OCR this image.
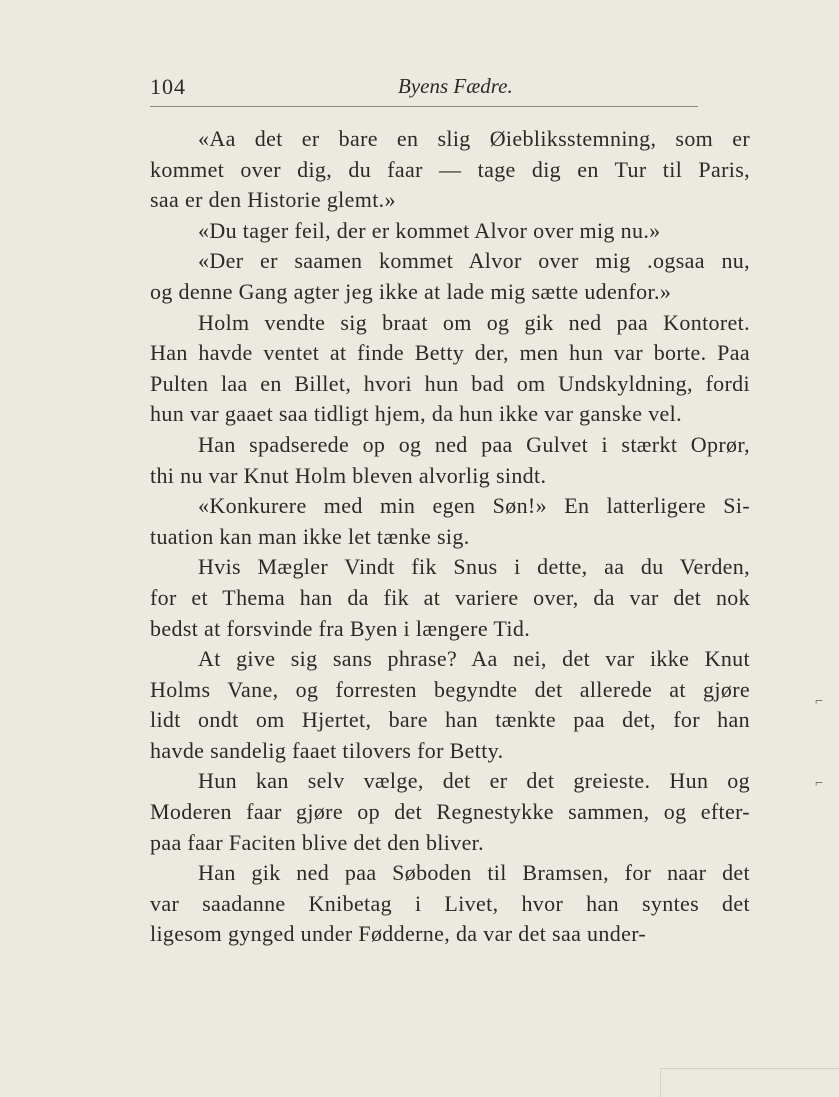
104	Byens Fædre.

«Aa det er bare en slig Øiebliksstemning, som er
kommet over dig, du faar — tage dig en Tur til Paris,
saa er den Historie glemt.»

«Du tager feil, der er kommet Alvor over mig nu.»

«Der er saamen kommet Alvor over mig .ogsaa nu,
og denne Gang agter jeg ikke at lade mig sætte udenfor.»

Holm vendte sig braat om og gik ned paa Kontoret.
Han havde ventet at finde Betty der, men hun var borte. Paa
Pulten laa en Billet, hvori hun bad om Undskyldning, fordi
hun var gaaet saa tidligt hjem, da hun ikke var ganske vel.

Han spadserede op og ned paa Gulvet i stærkt Oprør,
thi nu var Knut Holm bleven alvorlig sindt.

«Konkurere med min egen Søn!» En latterligere Si-
tuation kan man ikke let tænke sig.

Hvis Mægler Vindt fik Snus i dette, aa du Verden,
for et Thema han da fik at variere over, da var det nok
bedst at forsvinde fra Byen i længere Tid.

At give sig sans phrase? Aa nei, det var ikke Knut
Holms Vane, og forresten begyndte det allerede at gjøre
lidt ondt om Hjertet, bare han tænkte paa det, for han
havde sandelig faaet tilovers for Betty.

Hun kan selv vælge, det er det greieste. Hun og
Moderen faar gjøre op det Regnestykke sammen, og efter-
paa faar Faciten blive det den bliver.

Han gik ned paa Søboden til Bramsen, for naar det
var saadanne Knibetag i Livet, hvor han syntes det
ligesom gynged under Fødderne, da var det saa under-

⌐
⌐
